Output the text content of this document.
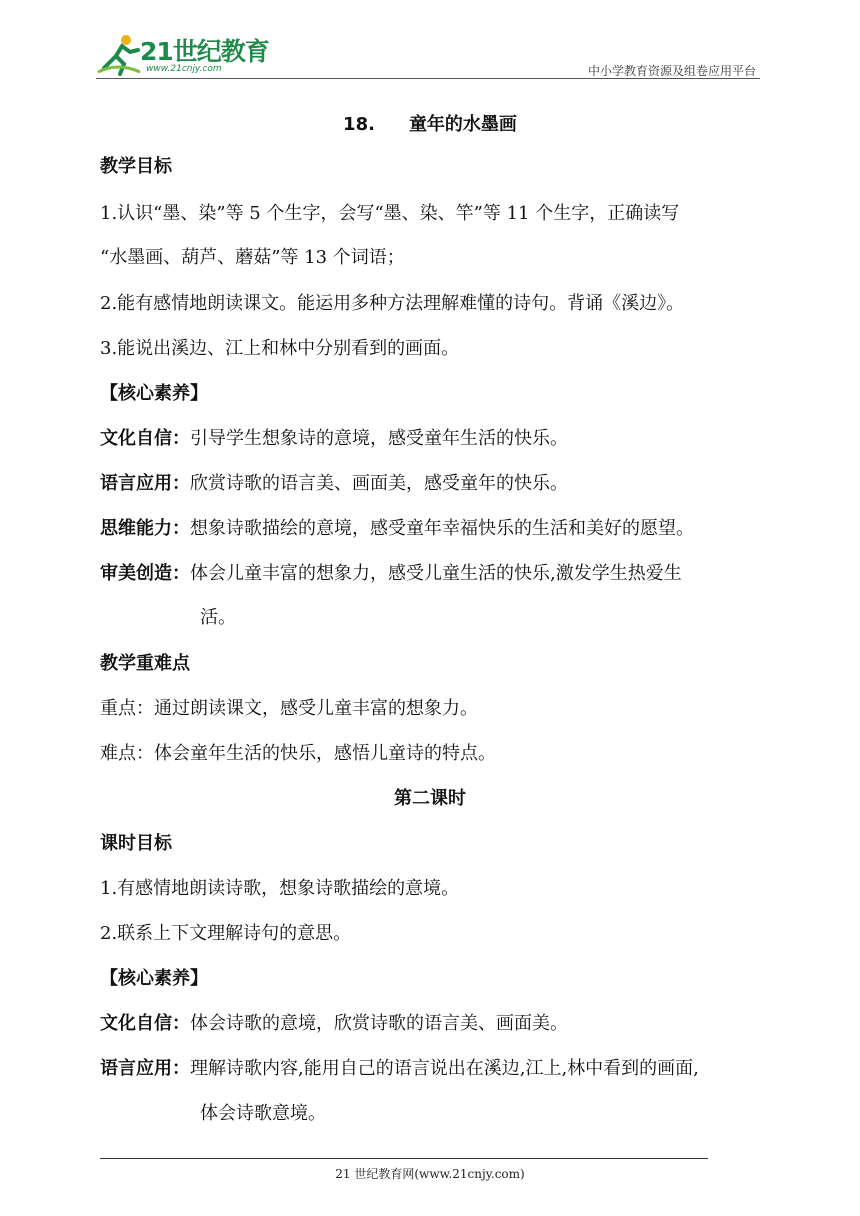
21世纪教育
www.21cnjy.com	中小学教育资源及组卷应用平台
18. 童年的水墨画
教学目标
1.认识“墨、染”等 5 个生字，会写“墨、染、竿”等 11 个生字，正确读写
“水墨画、葫芦、蘑菇”等 13 个词语；
2.能有感情地朗读课文。能运用多种方法理解难懂的诗句。背诵《溪边》。
3.能说出溪边、江上和林中分别看到的画面。
【核心素养】
文化自信：引导学生想象诗的意境，感受童年生活的快乐。
语言应用：欣赏诗歌的语言美、画面美，感受童年的快乐。
思维能力：想象诗歌描绘的意境，感受童年幸福快乐的生活和美好的愿望。
审美创造：体会儿童丰富的想象力，感受儿童生活的快乐,激发学生热爱生
活。
教学重难点
重点：通过朗读课文，感受儿童丰富的想象力。
难点：体会童年生活的快乐，感悟儿童诗的特点。
第二课时
课时目标
1.有感情地朗读诗歌，想象诗歌描绘的意境。
2.联系上下文理解诗句的意思。
【核心素养】
文化自信：体会诗歌的意境，欣赏诗歌的语言美、画面美。
语言应用：理解诗歌内容,能用自己的语言说出在溪边,江上,林中看到的画面,
体会诗歌意境。
21 世纪教育网(www.21cnjy.com)
